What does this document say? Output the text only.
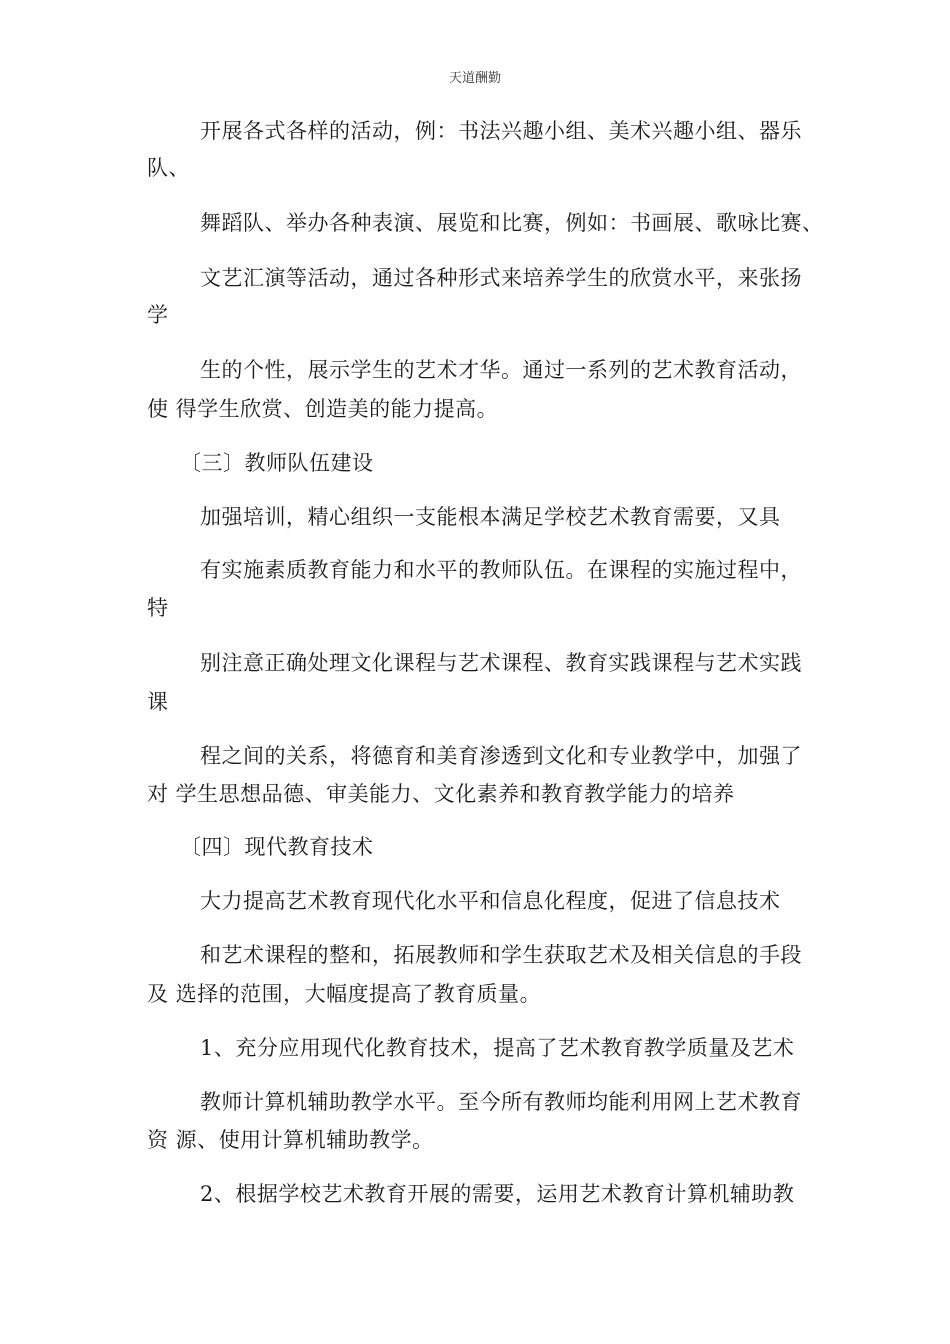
天道酬勤
开展各式各样的活动，例：书法兴趣小组、美术兴趣小组、器乐
队、
舞蹈队、举办各种表演、展览和比赛，例如：书画展、歌咏比赛、
文艺汇演等活动，通过各种形式来培养学生的欣赏水平，来张扬
学
生的个性，展示学生的艺术才华。通过一系列的艺术教育活动，
使 得学生欣赏、创造美的能力提高。
〔三〕教师队伍建设
加强培训，精心组织一支能根本满足学校艺术教育需要，又具
有实施素质教育能力和水平的教师队伍。在课程的实施过程中，
特
别注意正确处理文化课程与艺术课程、教育实践课程与艺术实践
课
程之间的关系，将德育和美育渗透到文化和专业教学中，加强了
对 学生思想品德、审美能力、文化素养和教育教学能力的培养
〔四〕现代教育技术
大力提高艺术教育现代化水平和信息化程度，促进了信息技术
和艺术课程的整和，拓展教师和学生获取艺术及相关信息的手段
及 选择的范围，大幅度提高了教育质量。
1、充分应用现代化教育技术，提高了艺术教育教学质量及艺术
教师计算机辅助教学水平。至今所有教师均能利用网上艺术教育
资 源、使用计算机辅助教学。
2、根据学校艺术教育开展的需要，运用艺术教育计算机辅助教
